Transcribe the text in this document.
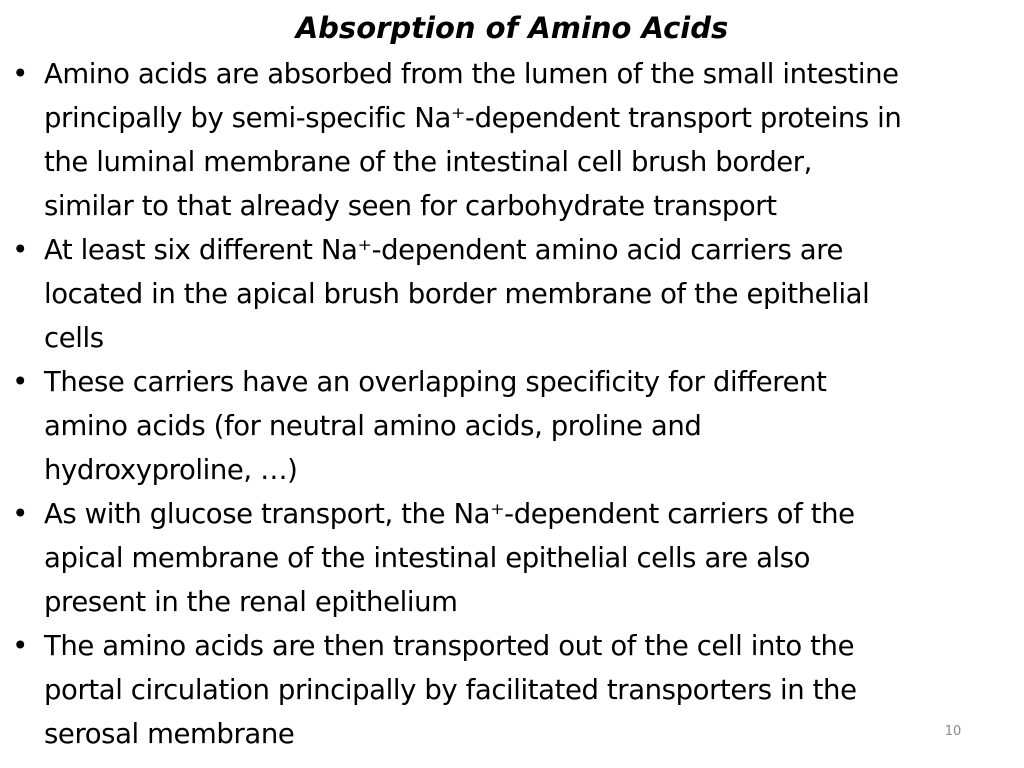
Absorption of Amino Acids
• Amino acids are absorbed from the lumen of the small intestine
principally by semi-specific Na⁺-dependent transport proteins in
the luminal membrane of the intestinal cell brush border,
similar to that already seen for carbohydrate transport
• At least six different Na⁺-dependent amino acid carriers are
located in the apical brush border membrane of the epithelial
cells
• These carriers have an overlapping specificity for different
amino acids (for neutral amino acids, proline and
hydroxyproline, …)
• As with glucose transport, the Na⁺-dependent carriers of the
apical membrane of the intestinal epithelial cells are also
present in the renal epithelium
• The amino acids are then transported out of the cell into the
portal circulation principally by facilitated transporters in the
serosal membrane	10
